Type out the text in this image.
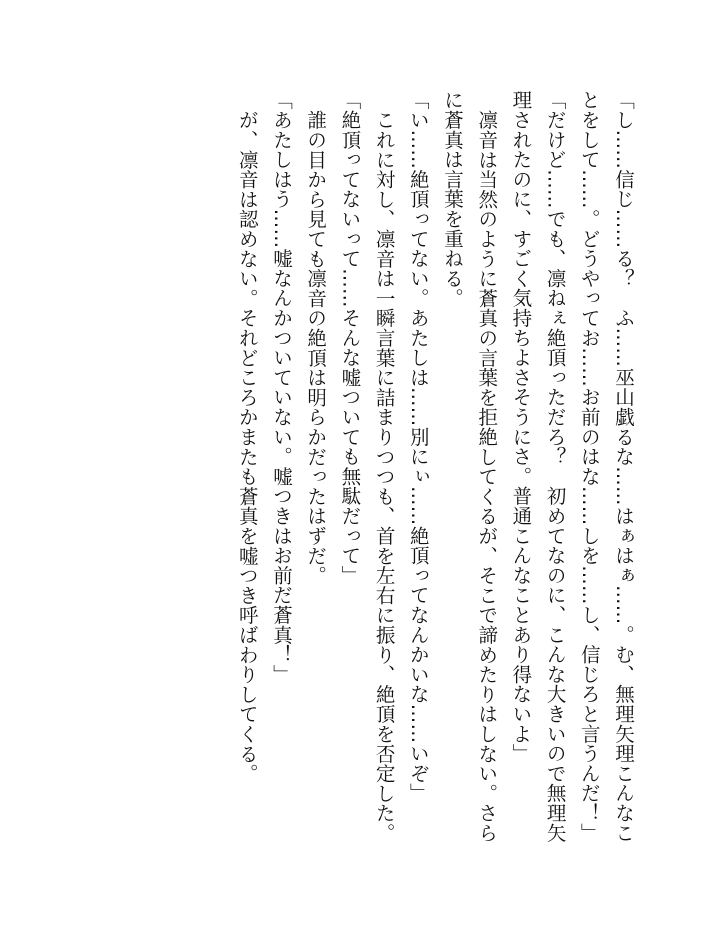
「し……信じ……る？　ふ……巫山戯るな……はぁはぁ……。む、無理矢理こんなことをして……。どうやってお……お前のはな……しを……し、信じろと言うんだ！」

「だけど……でも、凛ねぇ絶頂っただろ？　初めてなのに、こんな大きいので無理矢理されたのに、すごく気持ちよさそうにさ。普通こんなことあり得ないよ」

凛音は当然のように蒼真の言葉を拒絶してくるが、そこで諦めたりはしない。さらに蒼真は言葉を重ねる。

「い……絶頂ってない。あたしは……別にぃ……絶頂ってなんかいな……いぞ」

これに対し、凛音は一瞬言葉に詰まりつつも、首を左右に振り、絶頂を否定した。

「絶頂ってないって……そんな嘘ついても無駄だって」

誰の目から見ても凛音の絶頂は明らかだったはずだ。

「あたしはう……嘘なんかついていない。嘘つきはお前だ蒼真！」

が、凛音は認めない。それどころかまたも蒼真を嘘つき呼ばわりしてくる。
